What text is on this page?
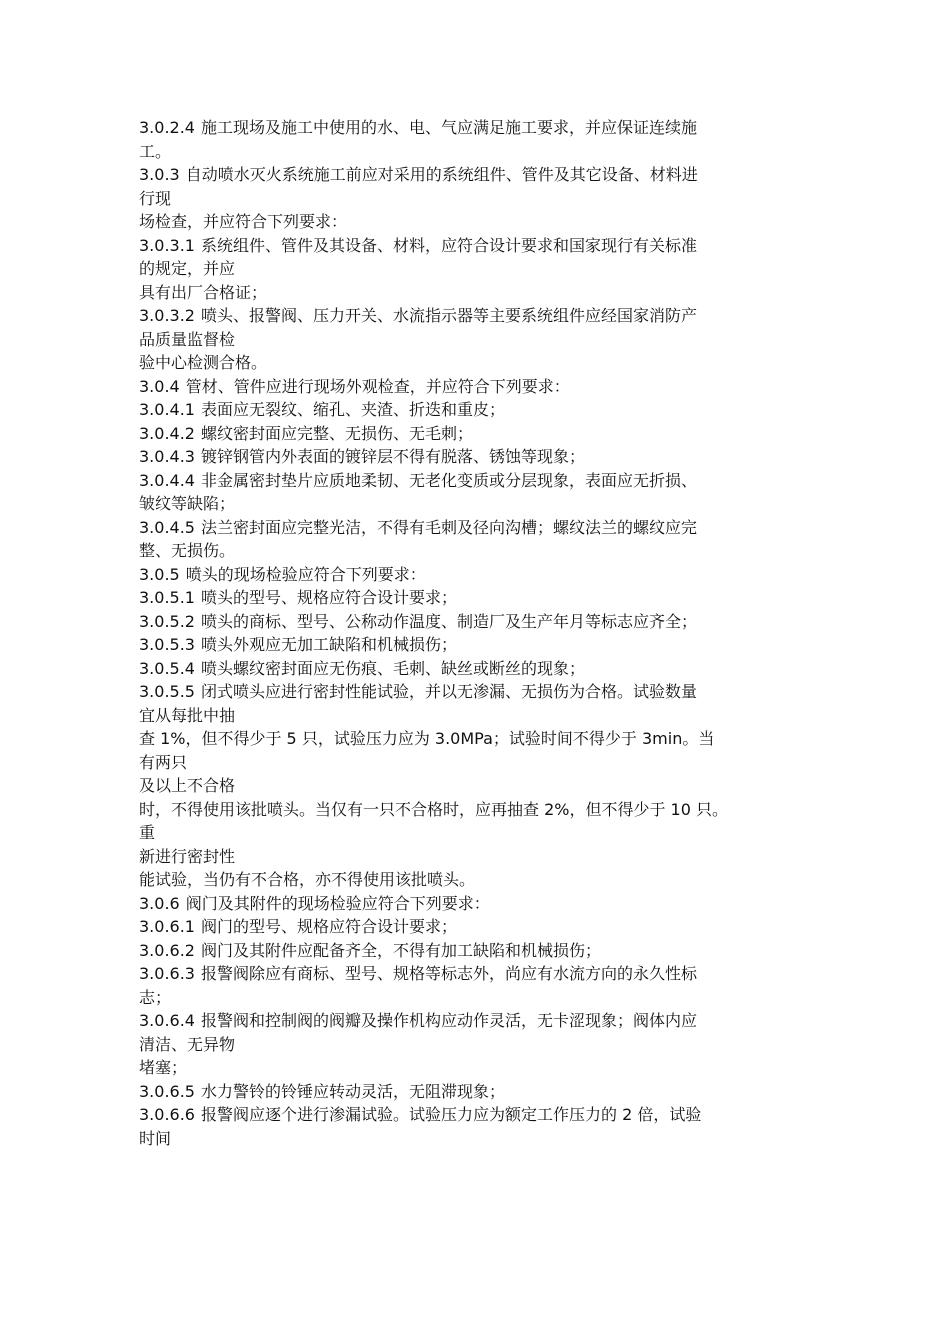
3.0.2.4 施工现场及施工中使用的水、电、气应满足施工要求，并应保证连续施
工。
3.0.3 自动喷水灭火系统施工前应对采用的系统组件、管件及其它设备、材料进
行现
场检查，并应符合下列要求：
3.0.3.1 系统组件、管件及其设备、材料，应符合设计要求和国家现行有关标准
的规定，并应
具有出厂合格证；
3.0.3.2 喷头、报警阀、压力开关、水流指示器等主要系统组件应经国家消防产
品质量监督检
验中心检测合格。
3.0.4 管材、管件应进行现场外观检查，并应符合下列要求：
3.0.4.1 表面应无裂纹、缩孔、夹渣、折迭和重皮；
3.0.4.2 螺纹密封面应完整、无损伤、无毛刺；
3.0.4.3 镀锌钢管内外表面的镀锌层不得有脱落、锈蚀等现象；
3.0.4.4 非金属密封垫片应质地柔韧、无老化变质或分层现象，表面应无折损、
皱纹等缺陷；
3.0.4.5 法兰密封面应完整光洁，不得有毛刺及径向沟槽；螺纹法兰的螺纹应完
整、无损伤。
3.0.5 喷头的现场检验应符合下列要求：
3.0.5.1 喷头的型号、规格应符合设计要求；
3.0.5.2 喷头的商标、型号、公称动作温度、制造厂及生产年月等标志应齐全；
3.0.5.3 喷头外观应无加工缺陷和机械损伤；
3.0.5.4 喷头螺纹密封面应无伤痕、毛刺、缺丝或断丝的现象；
3.0.5.5 闭式喷头应进行密封性能试验，并以无渗漏、无损伤为合格。试验数量
宜从每批中抽
查 1%，但不得少于 5 只，试验压力应为 3.0MPa；试验时间不得少于 3min。当
有两只
及以上不合格
时，不得使用该批喷头。当仅有一只不合格时，应再抽查 2%，但不得少于 10 只。
重
新进行密封性
能试验，当仍有不合格，亦不得使用该批喷头。
3.0.6 阀门及其附件的现场检验应符合下列要求：
3.0.6.1 阀门的型号、规格应符合设计要求；
3.0.6.2 阀门及其附件应配备齐全，不得有加工缺陷和机械损伤；
3.0.6.3 报警阀除应有商标、型号、规格等标志外，尚应有水流方向的永久性标
志；
3.0.6.4 报警阀和控制阀的阀瓣及操作机构应动作灵活，无卡涩现象；阀体内应
清洁、无异物
堵塞；
3.0.6.5 水力警铃的铃锤应转动灵活，无阻滞现象；
3.0.6.6 报警阀应逐个进行渗漏试验。试验压力应为额定工作压力的 2 倍，试验
时间
